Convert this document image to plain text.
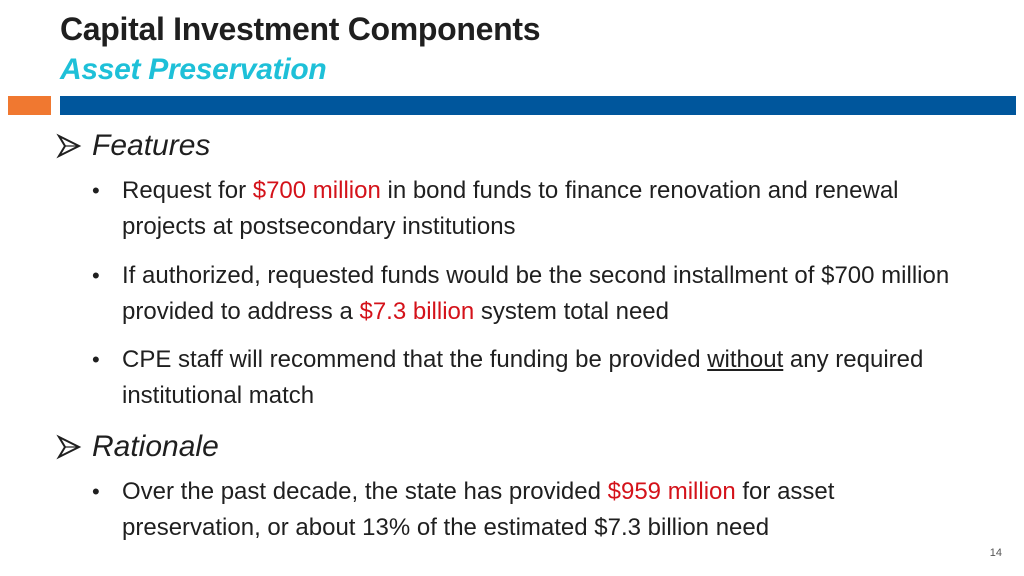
Capital Investment Components
Asset Preservation
Features
• Request for $700 million in bond funds to finance renovation and renewal projects at postsecondary institutions
• If authorized, requested funds would be the second installment of $700 million provided to address a $7.3 billion system total need
• CPE staff will recommend that the funding be provided without any required institutional match
Rationale
• Over the past decade, the state has provided $959 million for asset preservation, or about 13% of the estimated $7.3 billion need
14
